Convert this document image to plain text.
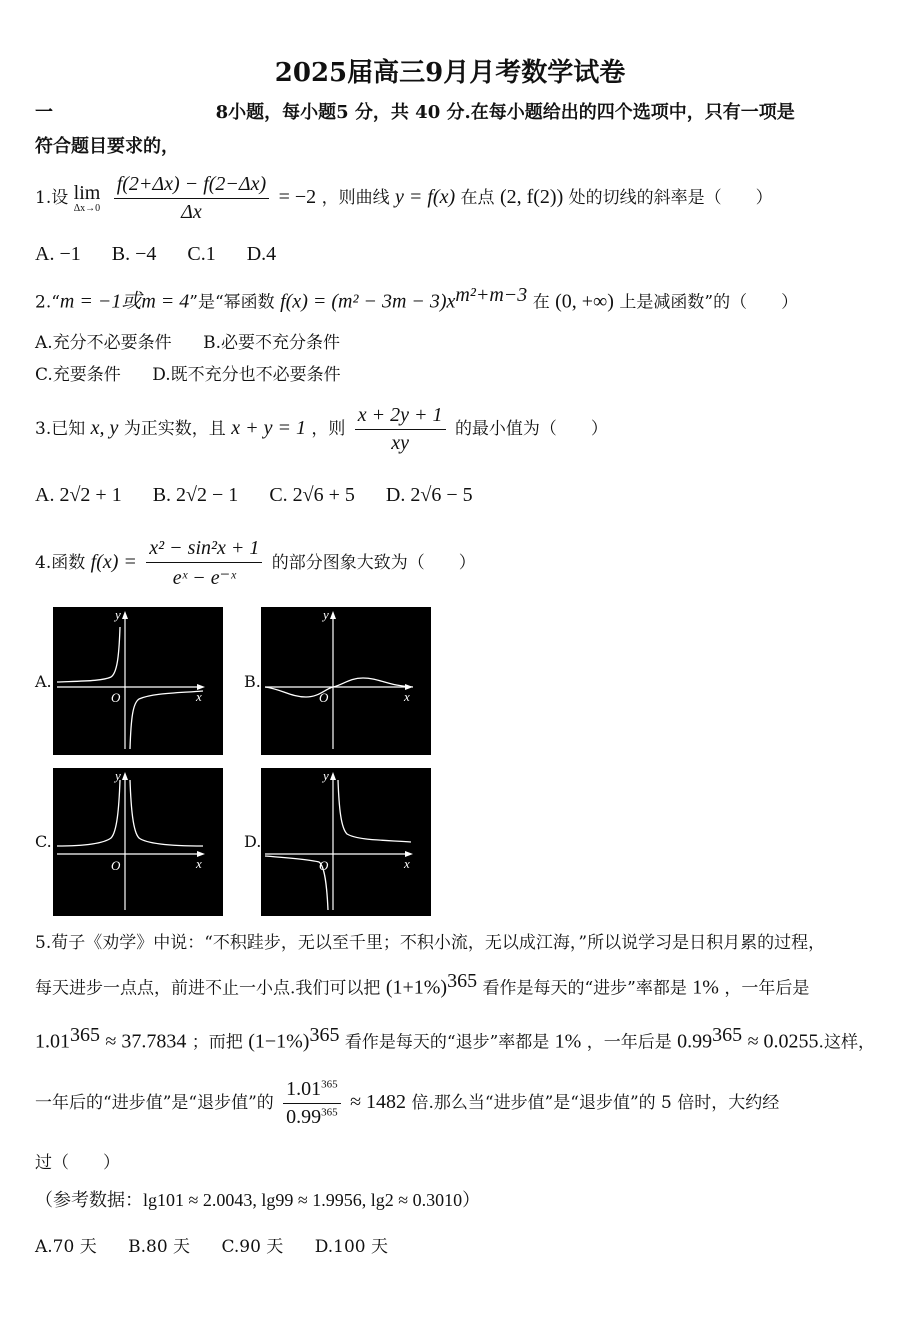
2025届高三9月月考数学试卷
一	8小题，每小题5 分，共 40 分.在每小题给出的四个选项中，只有一项是
符合题目要求的，
1.设 lim
Δx→0
$\frac{f(2+\Delta x) - f(2-\Delta x)}{\Delta x} = -2$ ，则曲线 y = f(x) 在点 (2, f(2)) 处的切线的斜率是（　　）
A. −1 B. −4 C.1 D.4
2.“m = −1或m = 4”是“幂函数 $f(x) = (m^2 - 3m - 3)x^{m^2+m-3}$ 在 (0, +∞) 上是减函数”的（　　）
A.充分不必要条件 B.必要不充分条件
C.充要条件 D.既不充分也不必要条件
3.已知 x, y 为正实数，且 x + y = 1 ，则 $\frac{x + 2y + 1}{xy}$ 的最小值为（　　）
A. 2√2 + 1 B. 2√2 − 1 C. 2√6 + 5 D. 2√6 − 5
4.函数 $f(x) = \frac{\text{x² − sin²x + 1}}{\text{eˣ − e⁻ˣ}}$ 的部分图象大致为（　　）
A.	B.
C.	D.
y
x
O
y
x
O
y
x
O
y
x
O
5.荀子《劝学》中说：“不积跬步，无以至千里；不积小流，无以成江海，”所以说学习是日积月累的过程，
每天进步一点点，前进不止一小点.我们可以把 $(1+1\%)^{365}$ 看作是每天的“进步”率都是 1% ，一年后是
$1.01^{365} \approx 37.7834$ ；而把 $(1-1\%)^{365}$ 看作是每天的“退步”率都是 1% ，一年后是 $0.99^{365} \approx 0.0255$.这样，
一年后的“进步值”是“退步值”的 $\frac{1.01^{365}}{0.99^{365}} \approx 1482$ 倍.那么当“进步值”是“退步值”的 5 倍时，大约经
过（　　）
（参考数据：lg101 ≈ 2.0043, lg99 ≈ 1.9956, lg2 ≈ 0.3010）
A.70 天 B.80 天 C.90 天 D.100 天
